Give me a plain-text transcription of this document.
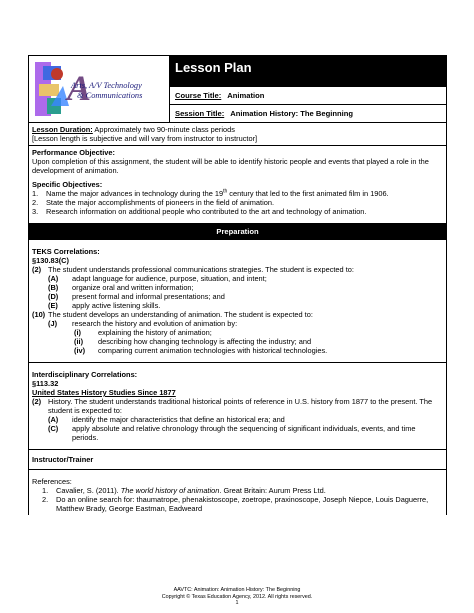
A
Arts, A/V Technology
& Communications
	Lesson Plan
Course Title: Animation
Session Title: Animation History: The Beginning

Lesson Duration: Approximately two 90-minute class periods
[Lesson length is subjective and will vary from instructor to instructor]

Performance Objective:
Upon completion of this assignment, the student will be able to identify historic people and events that played a role in the development of animation.
Specific Objectives:
1.	Name the major advances in technology during the 19th century that led to the first animated film in 1906.
2.	State the major accomplishments of pioneers in the field of animation.
3.	Research information on additional people who contributed to the art and technology of animation.

Preparation

TEKS Correlations:
§130.83(C)
(2) The student understands professional communications strategies. The student is expected to:
(A)	adapt language for audience, purpose, situation, and intent;
(B)	organize oral and written information;
(D)	present formal and informal presentations; and
(E)	apply active listening skills.
(10) The student develops an understanding of animation. The student is expected to:
(J)	research the history and evolution of animation by:
(i)	explaining the history of animation;
(ii)	describing how changing technology is affecting the industry; and
(iv)	comparing current animation technologies with historical technologies.

Interdisciplinary Correlations:
§113.32
United States History Studies Since 1877
(2) History. The student understands traditional historical points of reference in U.S. history from 1877 to the present. The student is expected to:
(A)	identify the major characteristics that define an historical era; and
(C)	apply absolute and relative chronology through the sequencing of significant individuals, events, and time periods.

Instructor/Trainer

References:
1.	Cavalier, S. (2011). The world history of animation. Great Britain: Aurum Press Ltd.
2.	Do an online search for: thaumatrope, phenakistoscope, zoetrope, praxinoscope, Joseph Niepce, Louis Daguerre, Matthew Brady, George Eastman, Eadweard
AAVTC: Animation: Animation History: The Beginning
Copyright © Texas Education Agency, 2012. All rights reserved.
1
